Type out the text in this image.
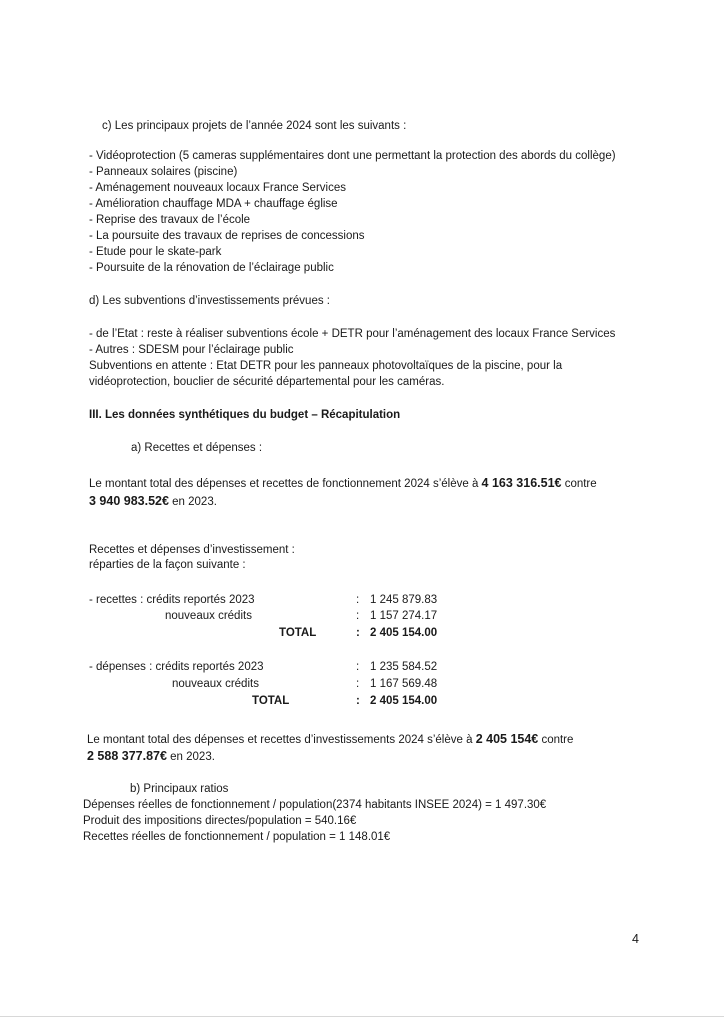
c) Les principaux projets de l’année 2024 sont les suivants :
- Vidéoprotection (5 cameras supplémentaires dont une permettant la protection des abords du collège)
- Panneaux solaires (piscine)
- Aménagement nouveaux locaux France Services
- Amélioration chauffage MDA + chauffage église
- Reprise des travaux de l’école
- La poursuite des travaux de reprises de concessions
- Etude pour le skate-park
- Poursuite de la rénovation de l’éclairage public
d) Les subventions d’investissements prévues :
- de l’Etat : reste à réaliser subventions école + DETR pour l’aménagement des locaux France Services
- Autres : SDESM pour l’éclairage public
Subventions en attente : Etat DETR pour les panneaux photovoltaïques de la piscine, pour la
vidéoprotection, bouclier de sécurité départemental pour les caméras.
III. Les données synthétiques du budget – Récapitulation
a) Recettes et dépenses :
Le montant total des dépenses et recettes de fonctionnement 2024 s’élève à 4 163 316.51€ contre
3 940 983.52€ en 2023.
Recettes et dépenses d’investissement :
réparties de la façon suivante :
- recettes : crédits reportés 2023	: 1 245 879.83
nouveaux crédits	: 1 157 274.17
TOTAL	: 2 405 154.00
- dépenses : crédits reportés 2023	: 1 235 584.52
nouveaux crédits	: 1 167 569.48
TOTAL	: 2 405 154.00
Le montant total des dépenses et recettes d’investissements 2024 s’élève à 2 405 154€ contre
2 588 377.87€ en 2023.
b) Principaux ratios
Dépenses réelles de fonctionnement / population(2374 habitants INSEE 2024) = 1 497.30€
Produit des impositions directes/population = 540.16€
Recettes réelles de fonctionnement / population = 1 148.01€
4
